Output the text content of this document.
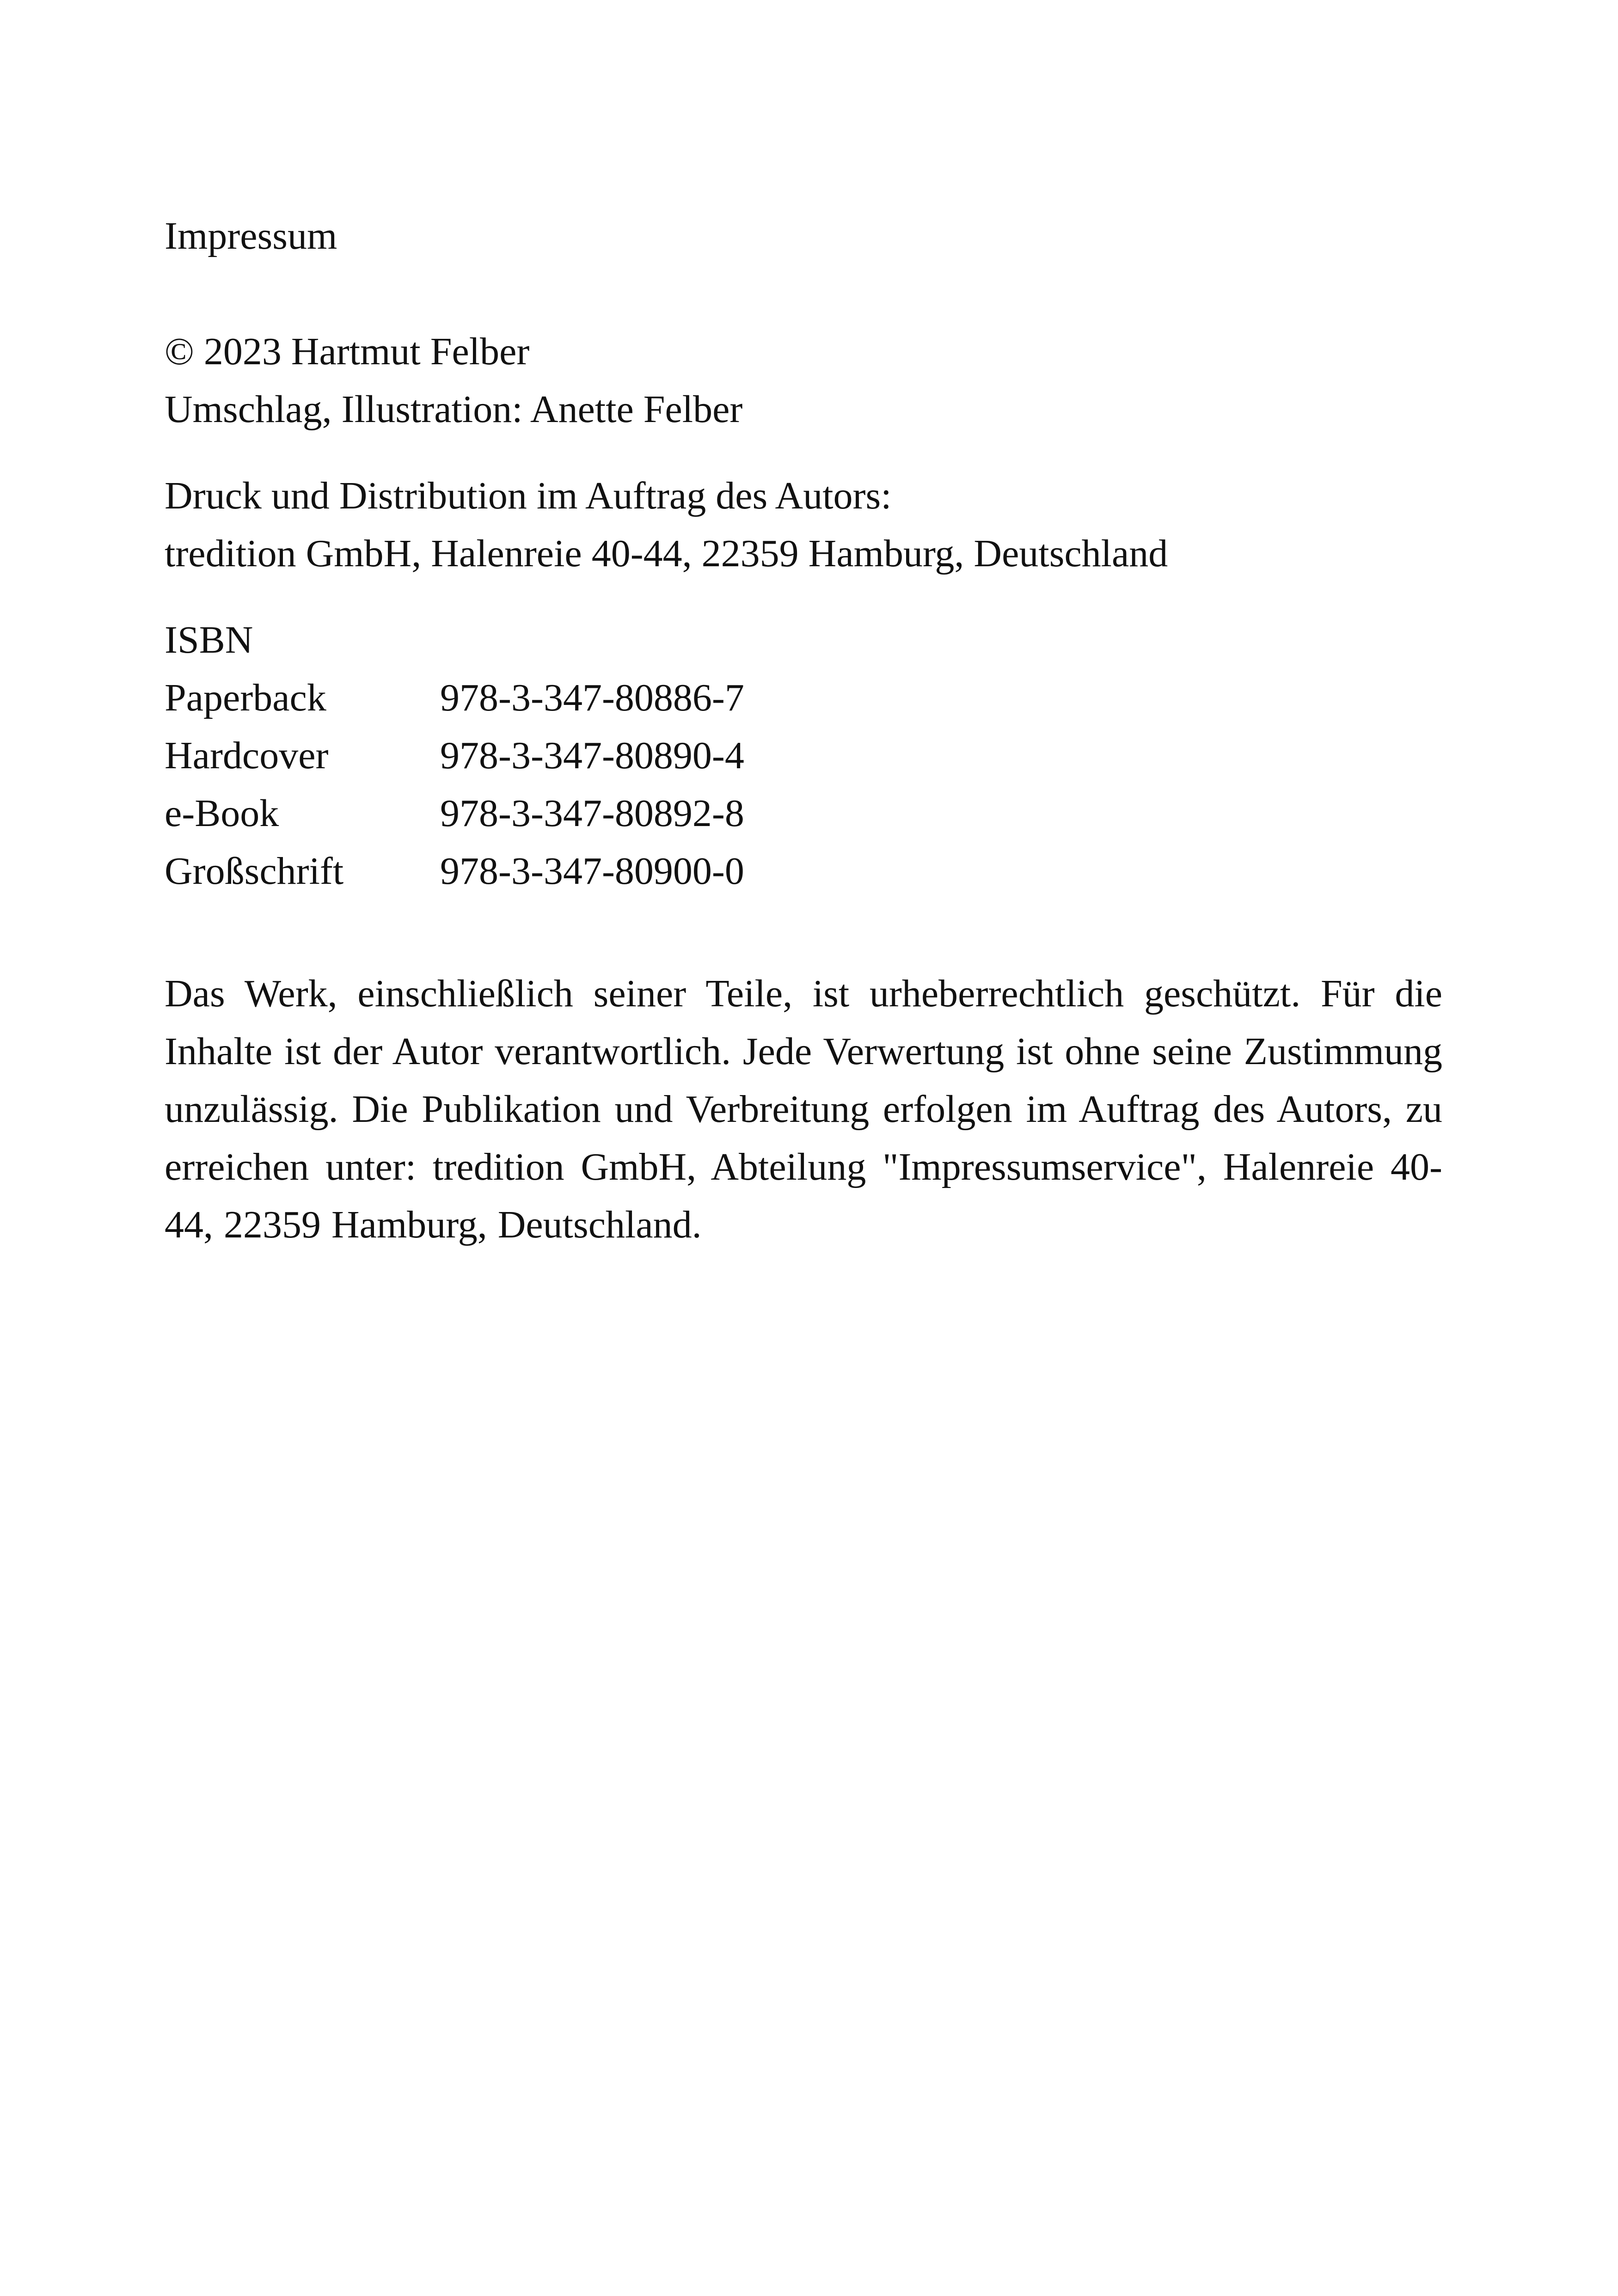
Impressum
© 2023 Hartmut Felber
Umschlag, Illustration: Anette Felber
Druck und Distribution im Auftrag des Autors:
tredition GmbH, Halenreie 40-44, 22359 Hamburg, Deutschland
ISBN
Paperback	978-3-347-80886-7
Hardcover	978-3-347-80890-4
e-Book	978-3-347-80892-8
Großschrift	978-3-347-80900-0

Das Werk, einschließlich seiner Teile, ist urheberrechtlich geschützt. Für die Inhalte ist der Autor verantwortlich. Jede Verwertung ist ohne seine Zustimmung unzulässig. Die Publikation und Verbreitung erfolgen im Auftrag des Autors, zu erreichen unter: tredition GmbH, Abteilung "Impressumservice", Halenreie 40-44, 22359 Hamburg, Deutschland.
